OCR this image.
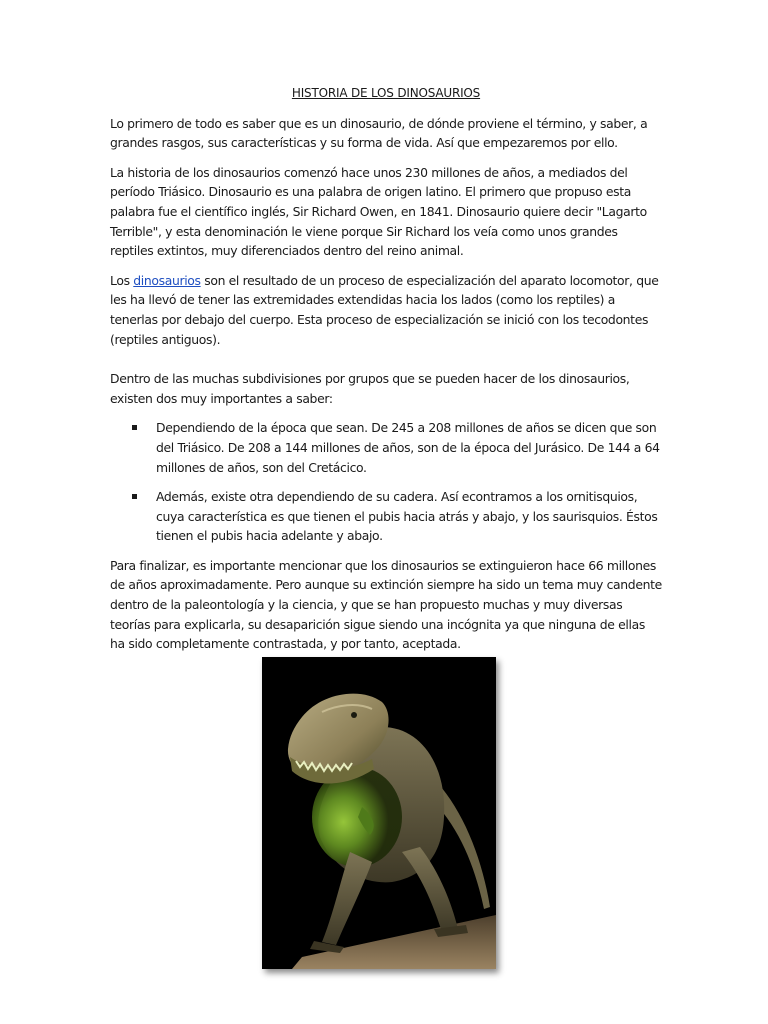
HISTORIA DE LOS DINOSAURIOS

Lo primero de todo es saber que es un dinosaurio, de dónde proviene el término, y saber, a grandes rasgos, sus características y su forma de vida. Así que empezaremos por ello.

La historia de los dinosaurios comenzó hace unos 230 millones de años, a mediados del período Triásico. Dinosaurio es una palabra de origen latino. El primero que propuso esta palabra fue el científico inglés, Sir Richard Owen, en 1841. Dinosaurio quiere decir "Lagarto Terrible", y esta denominación le viene porque Sir Richard los veía como unos grandes reptiles extintos, muy diferenciados dentro del reino animal.

Los dinosaurios son el resultado de un proceso de especialización del aparato locomotor, que les ha llevó de tener las extremidades extendidas hacia los lados (como los reptiles) a tenerlas por debajo del cuerpo. Esta proceso de especialización se inició con los tecodontes (reptiles antiguos).

Dentro de las muchas subdivisiones por grupos que se pueden hacer de los dinosaurios, existen dos muy importantes a saber:

Dependiendo de la época que sean. De 245 a 208 millones de años se dicen que son del Triásico. De 208 a 144 millones de años, son de la época del Jurásico. De 144 a 64 millones de años, son del Cretácico.
Además, existe otra dependiendo de su cadera. Así econtramos a los ornitisquios, cuya característica es que tienen el pubis hacia atrás y abajo, y los saurisquios. Éstos tienen el pubis hacia adelante y abajo.

Para finalizar, es importante mencionar que los dinosaurios se extinguieron hace 66 millones de años aproximadamente. Pero aunque su extinción siempre ha sido un tema muy candente dentro de la paleontología y la ciencia, y que se han propuesto muchas y muy diversas teorías para explicarla, su desaparición sigue siendo una incógnita ya que ninguna de ellas ha sido completamente contrastada, y por tanto, aceptada.
